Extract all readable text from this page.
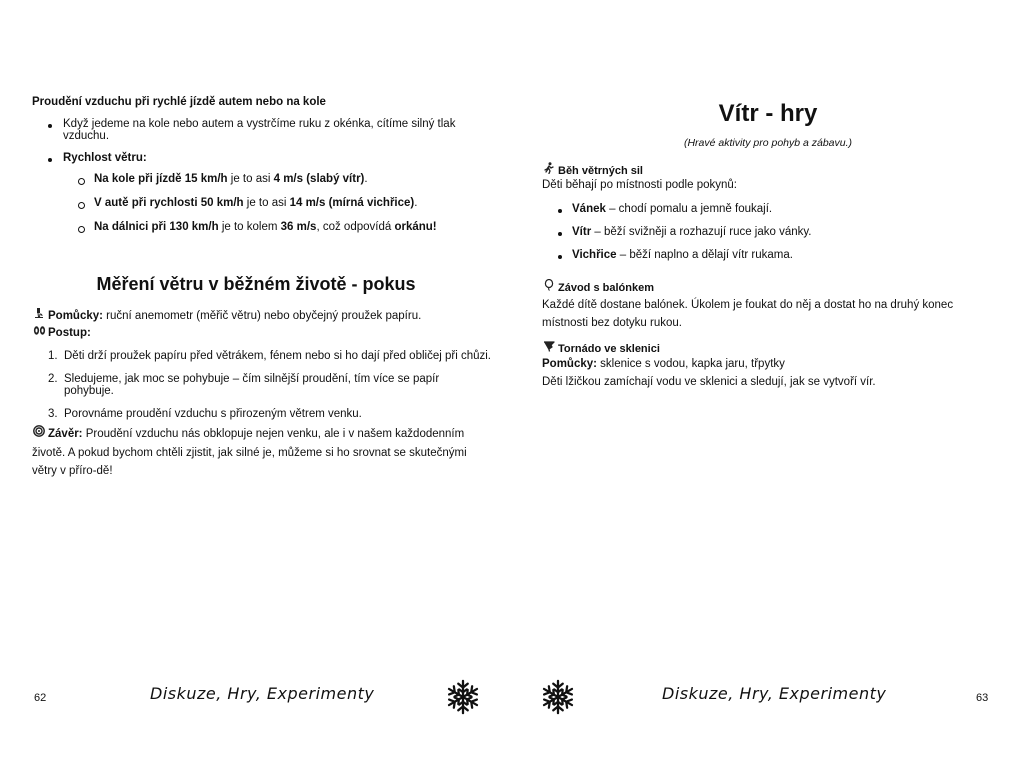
Proudění vzduchu při rychlé jízdě autem nebo na kole
Když jedeme na kole nebo autem a vystrčíme ruku z okénka, cítíme silný tlak vzduchu.
Rychlost větru:
Na kole při jízdě 15 km/h je to asi 4 m/s (slabý vítr).
V autě při rychlosti 50 km/h je to asi 14 m/s (mírná vichřice).
Na dálnici při 130 km/h je to kolem 36 m/s, což odpovídá orkánu!
Měření větru v běžném životě - pokus
Pomůcky: ruční anemometr (měřič větru) nebo obyčejný proužek papíru.
Postup:
1. Děti drží proužek papíru před větrákem, fénem nebo si ho dají před obličej při chůzi.
2. Sledujeme, jak moc se pohybuje – čím silnější proudění, tím více se papír pohybuje.
3. Porovnáme proudění vzduchu s přirozeným větrem venku.
Závěr: Proudění vzduchu nás obklopuje nejen venku, ale i v našem každodenním životě. A pokud bychom chtěli zjistit, jak silné je, můžeme si ho srovnat se skutečnými větry v příro-dě!
62	Diskuze, Hry, Experimenty
Vítr - hry
(Hravé aktivity pro pohyb a zábavu.)
Běh větrných sil
Děti běhají po místnosti podle pokynů:
Vánek – chodí pomalu a jemně foukají.
Vítr – běží svižněji a rozhazují ruce jako vánky.
Vichřice – běží naplno a dělají vítr rukama.
Závod s balónkem
Každé dítě dostane balónek. Úkolem je foukat do něj a dostat ho na druhý konec místnosti bez dotyku rukou.
Tornádo ve sklenici
Pomůcky: sklenice s vodou, kapka jaru, třpytky
Děti lžičkou zamíchají vodu ve sklenici a sledují, jak se vytvoří vír.
Diskuze, Hry, Experimenty	63
